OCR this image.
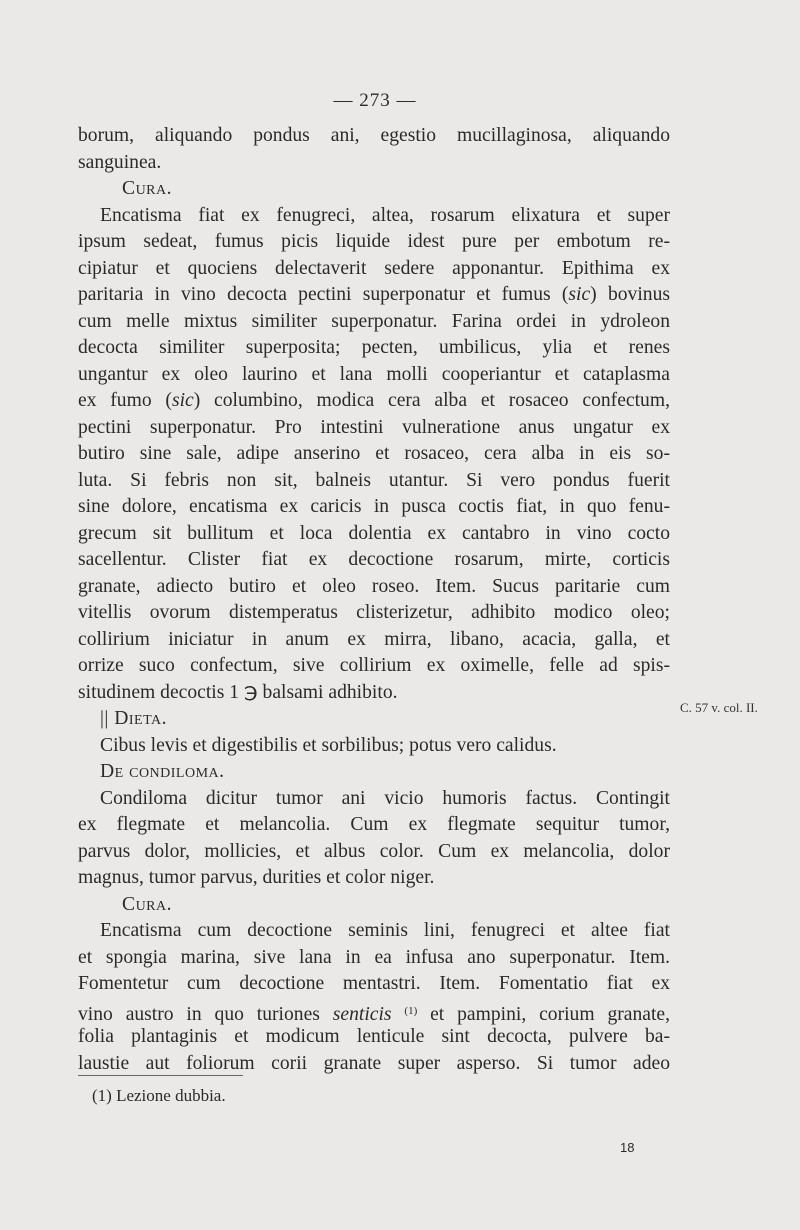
— 273 —
borum, aliquando pondus ani, egestio mucillaginosa, aliquando
sanguinea.
Cura.
Encatisma fiat ex fenugreci, altea, rosarum elixatura et super
ipsum sedeat, fumus picis liquide idest pure per embotum re-
cipiatur et quociens delectaverit sedere apponantur. Epithima ex
paritaria in vino decocta pectini superponatur et fumus (sic) bovinus
cum melle mixtus similiter superponatur. Farina ordei in ydroleon
decocta similiter superposita; pecten, umbilicus, ylia et renes
ungantur ex oleo laurino et lana molli cooperiantur et cataplasma
ex fumo (sic) columbino, modica cera alba et rosaceo confectum,
pectini superponatur. Pro intestini vulneratione anus ungatur ex
butiro sine sale, adipe anserino et rosaceo, cera alba in eis so-
luta. Si febris non sit, balneis utantur. Si vero pondus fuerit
sine dolore, encatisma ex caricis in pusca coctis fiat, in quo fenu-
grecum sit bullitum et loca dolentia ex cantabro in vino cocto
sacellentur. Clister fiat ex decoctione rosarum, mirte, corticis
granate, adiecto butiro et oleo roseo. Item. Sucus paritarie cum
vitellis ovorum distemperatus clisterizetur, adhibito modico oleo;
collirium iniciatur in anum ex mirra, libano, acacia, galla, et
orrize suco confectum, sive collirium ex oximelle, felle ad spis-
situdinem decoctis 1 ℈ balsami adhibito.
|| Dieta.
Cibus levis et digestibilis et sorbilibus; potus vero calidus.
De condiloma.
Condiloma dicitur tumor ani vicio humoris factus. Contingit
ex flegmate et melancolia. Cum ex flegmate sequitur tumor,
parvus dolor, mollicies, et albus color. Cum ex melancolia, dolor
magnus, tumor parvus, durities et color niger.
Cura.
Encatisma cum decoctione seminis lini, fenugreci et altee fiat
et spongia marina, sive lana in ea infusa ano superponatur. Item.
Fomentetur cum decoctione mentastri. Item. Fomentatio fiat ex
vino austro in quo turiones senticis $^{(1)}$ et pampini, corium granate,
folia plantaginis et modicum lenticule sint decocta, pulvere ba-
laustie aut foliorum corii granate super asperso. Si tumor adeo
C. 57 v. col. II.
(1) Lezione dubbia.
18
